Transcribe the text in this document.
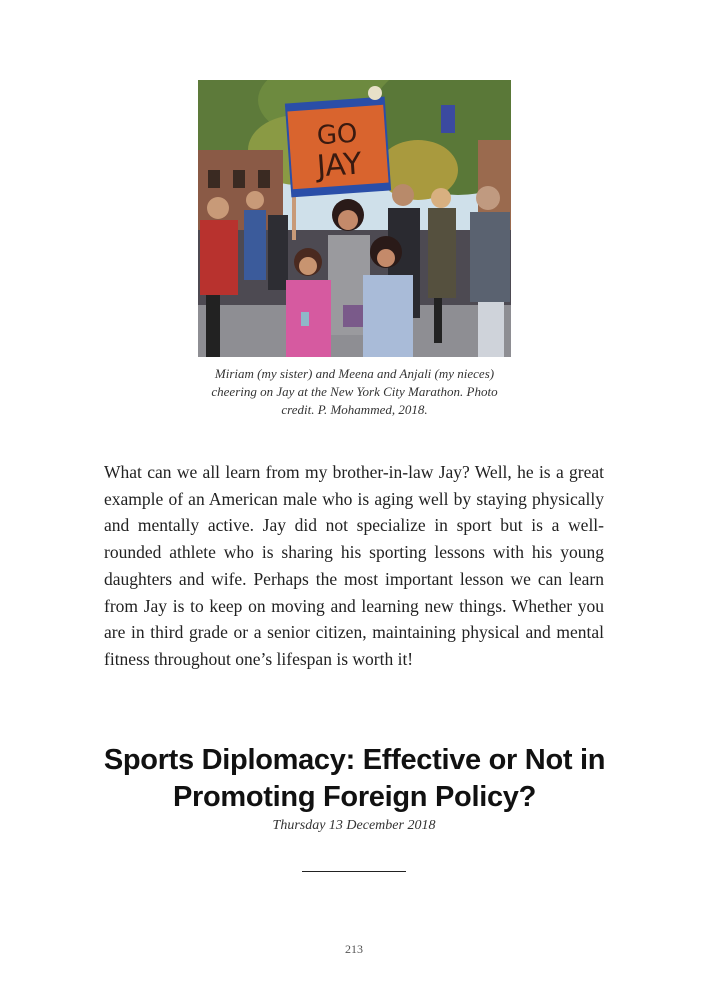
GO
JAY
Miriam (my sister) and Meena and Anjali (my nieces) cheering on Jay at the New York City Marathon. Photo credit. P. Mohammed, 2018.
What can we all learn from my brother-in-law Jay? Well, he is a great example of an American male who is aging well by staying physically and mentally active. Jay did not specialize in sport but is a well-rounded athlete who is sharing his sporting lessons with his young daughters and wife. Perhaps the most important lesson we can learn from Jay is to keep on moving and learning new things. Whether you are in third grade or a senior citizen, maintaining physical and mental fitness throughout one’s lifespan is worth it!
Sports Diplomacy: Effective or Not in Promoting Foreign Policy?
Thursday 13 December 2018
213
